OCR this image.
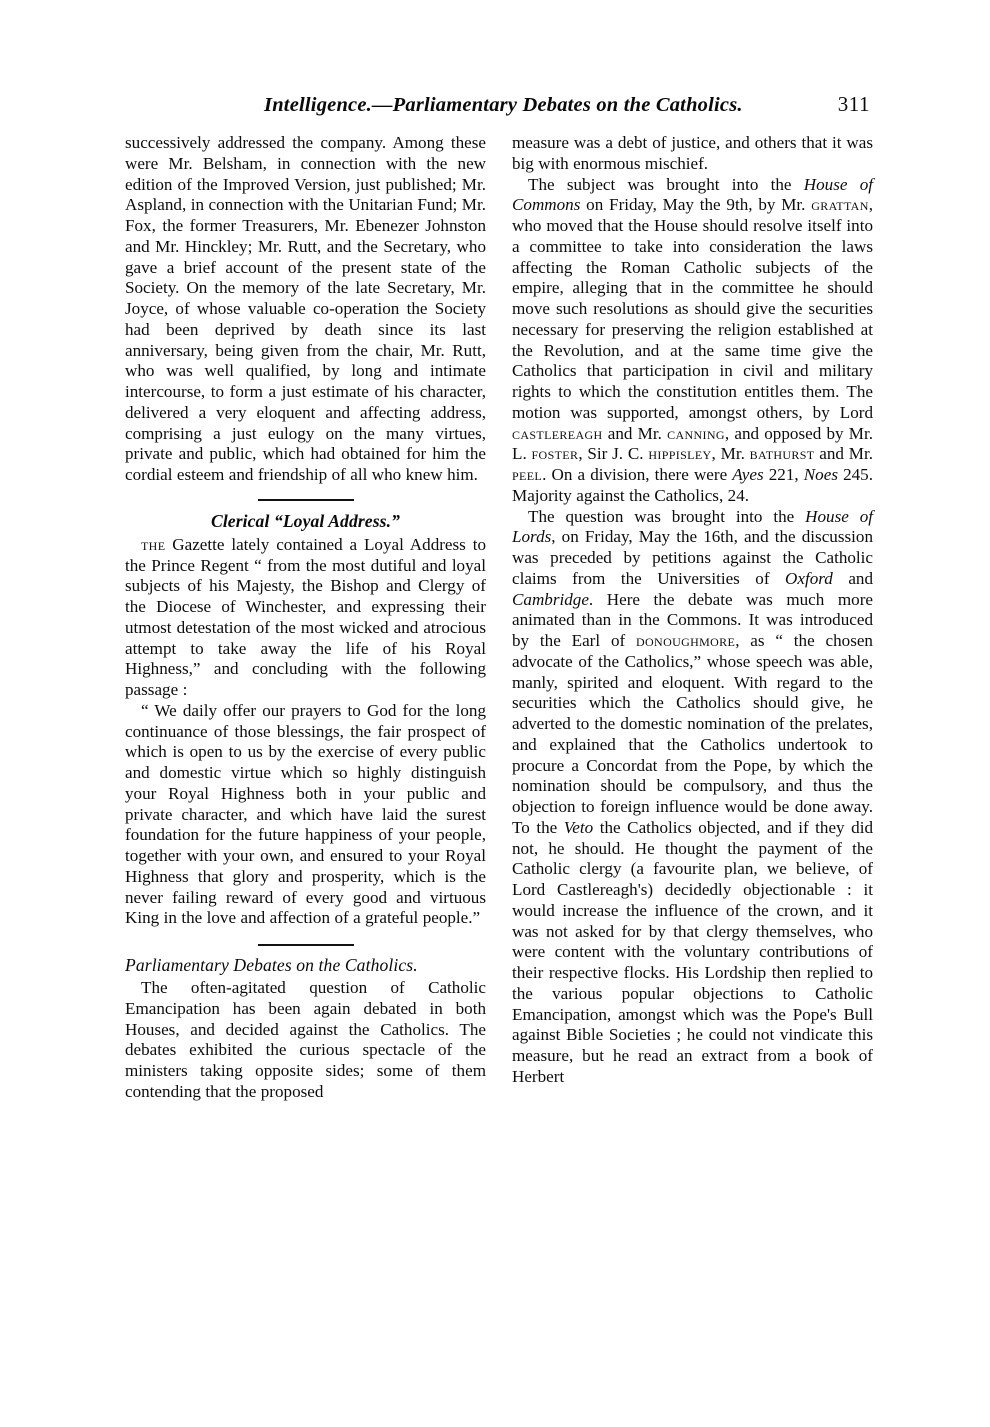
Intelligence.—Parliamentary Debates on the Catholics.	311

successively addressed the company. Among these were Mr. Belsham, in connection with the new edition of the Improved Version, just published; Mr. Aspland, in connection with the Unitarian Fund; Mr. Fox, the former Treasurers, Mr. Ebenezer Johnston and Mr. Hinckley; Mr. Rutt, and the Secretary, who gave a brief account of the present state of the Society. On the memory of the late Secretary, Mr. Joyce, of whose valuable co-operation the Society had been deprived by death since its last anniversary, being given from the chair, Mr. Rutt, who was well qualified, by long and intimate intercourse, to form a just estimate of his character, delivered a very eloquent and affecting address, comprising a just eulogy on the many virtues, private and public, which had obtained for him the cordial esteem and friendship of all who knew him.

Clerical “Loyal Address.”

the Gazette lately contained a Loyal Address to the Prince Regent “ from the most dutiful and loyal subjects of his Majesty, the Bishop and Clergy of the Diocese of Winchester, and expressing their utmost detestation of the most wicked and atrocious attempt to take away the life of his Royal Highness,” and concluding with the following passage :

“ We daily offer our prayers to God for the long continuance of those blessings, the fair prospect of which is open to us by the exercise of every public and domestic virtue which so highly distinguish your Royal Highness both in your public and private character, and which have laid the surest foundation for the future happiness of your people, together with your own, and ensured to your Royal Highness that glory and prosperity, which is the never failing reward of every good and virtuous King in the love and affection of a grateful people.”

Parliamentary Debates on the Catholics.

The often-agitated question of Catholic Emancipation has been again debated in both Houses, and decided against the Catholics. The debates exhibited the curious spectacle of the ministers taking opposite sides; some of them contending that the proposed

measure was a debt of justice, and others that it was big with enormous mischief.

The subject was brought into the House of Commons on Friday, May the 9th, by Mr. grattan, who moved that the House should resolve itself into a committee to take into consideration the laws affecting the Roman Catholic subjects of the empire, alleging that in the committee he should move such resolutions as should give the securities necessary for preserving the religion established at the Revolution, and at the same time give the Catholics that participation in civil and military rights to which the constitution entitles them. The motion was supported, amongst others, by Lord castlereagh and Mr. canning, and opposed by Mr. L. foster, Sir J. C. hippisley, Mr. bathurst and Mr. peel. On a division, there were Ayes 221, Noes 245. Majority against the Catholics, 24.

The question was brought into the House of Lords, on Friday, May the 16th, and the discussion was preceded by petitions against the Catholic claims from the Universities of Oxford and Cambridge. Here the debate was much more animated than in the Commons. It was introduced by the Earl of donoughmore, as “ the chosen advocate of the Catholics,” whose speech was able, manly, spirited and eloquent. With regard to the securities which the Catholics should give, he adverted to the domestic nomination of the prelates, and explained that the Catholics undertook to procure a Concordat from the Pope, by which the nomination should be compulsory, and thus the objection to foreign influence would be done away. To the Veto the Catholics objected, and if they did not, he should. He thought the payment of the Catholic clergy (a favourite plan, we believe, of Lord Castlereagh's) decidedly objectionable : it would increase the influence of the crown, and it was not asked for by that clergy themselves, who were content with the voluntary contributions of their respective flocks. His Lordship then replied to the various popular objections to Catholic Emancipation, amongst which was the Pope's Bull against Bible Societies ; he could not vindicate this measure, but he read an extract from a book of Herbert
